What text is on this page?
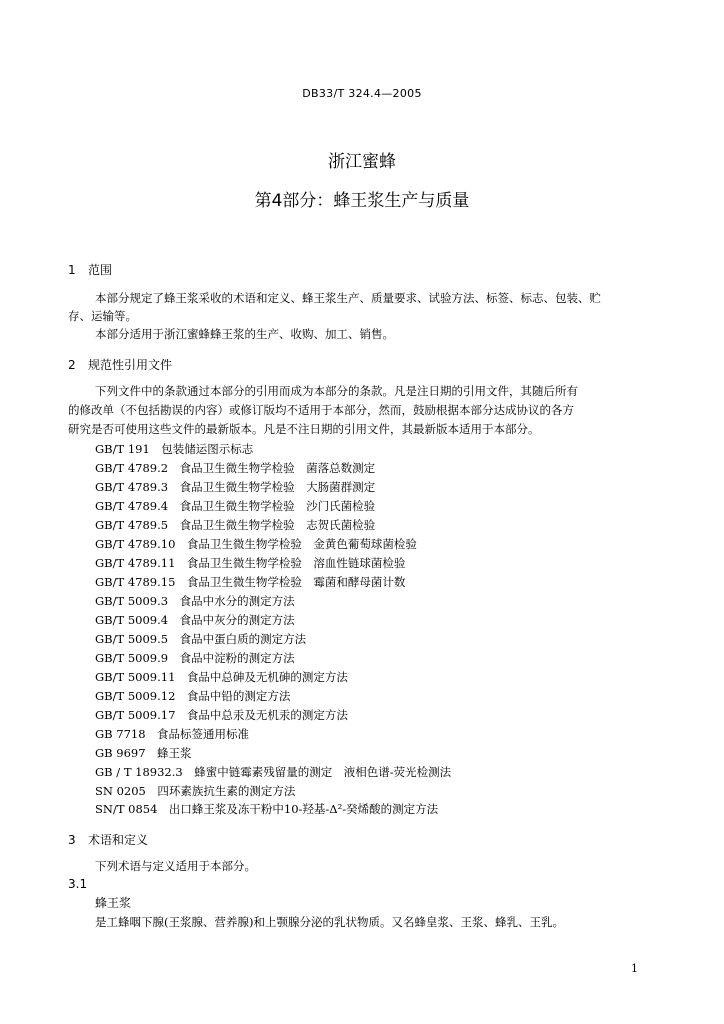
DB33/T 324.4—2005
浙江蜜蜂
第4部分：蜂王浆生产与质量
1 范围
本部分规定了蜂王浆采收的术语和定义、蜂王浆生产、质量要求、试验方法、标签、标志、包装、贮
存、运输等。
本部分适用于浙江蜜蜂蜂王浆的生产、收购、加工、销售。
2 规范性引用文件
下列文件中的条款通过本部分的引用而成为本部分的条款。凡是注日期的引用文件，其随后所有
的修改单（不包括勘误的内容）或修订版均不适用于本部分，然而，鼓励根据本部分达成协议的各方
研究是否可使用这些文件的最新版本。凡是不注日期的引用文件，其最新版本适用于本部分。
GB/T 191　包装储运图示标志
GB/T 4789.2　食品卫生微生物学检验　菌落总数测定
GB/T 4789.3　食品卫生微生物学检验　大肠菌群测定
GB/T 4789.4　食品卫生微生物学检验　沙门氏菌检验
GB/T 4789.5　食品卫生微生物学检验　志贺氏菌检验
GB/T 4789.10　食品卫生微生物学检验　金黄色葡萄球菌检验
GB/T 4789.11　食品卫生微生物学检验　溶血性链球菌检验
GB/T 4789.15　食品卫生微生物学检验　霉菌和酵母菌计数
GB/T 5009.3　食品中水分的测定方法
GB/T 5009.4　食品中灰分的测定方法
GB/T 5009.5　食品中蛋白质的测定方法
GB/T 5009.9　食品中淀粉的测定方法
GB/T 5009.11　食品中总砷及无机砷的测定方法
GB/T 5009.12　食品中铅的测定方法
GB/T 5009.17　食品中总汞及无机汞的测定方法
GB 7718　食品标签通用标准
GB 9697　蜂王浆
GB / T 18932.3　蜂蜜中链霉素残留量的测定　液相色谱-荧光检测法
SN 0205　四环素族抗生素的测定方法
SN/T 0854　出口蜂王浆及冻干粉中10-羟基-Δ²-癸烯酸的测定方法
3 术语和定义
下列术语与定义适用于本部分。
3.1
蜂王浆
是工蜂咽下腺(王浆腺、营养腺)和上颚腺分泌的乳状物质。又名蜂皇浆、王浆、蜂乳、王乳。
1
